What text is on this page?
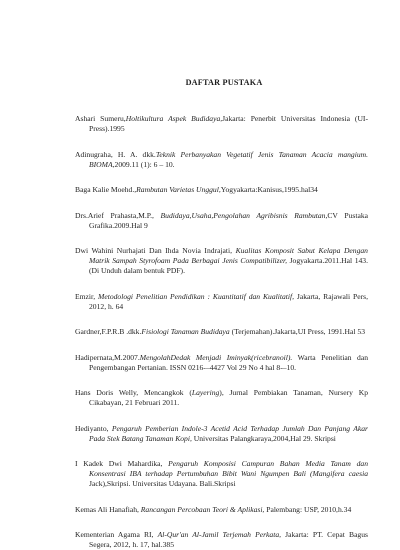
DAFTAR PUSTAKA
Ashari Sumeru,Holtikultura Aspek Budidaya,Jakarta: Penerbit Universitas Indonesia (UI-Press).1995
Adinugraha, H. A. dkk.Teknik Perbanyakan Vegetatif Jenis Tanaman Acacia mangium. BIOMA,2009.11 (1): 6 – 10.
Baga Kalie Moehd.,Rambutan Varietas Unggul,Yogyakarta:Kanisus,1995.hal34
Drs.Arief Prahasta,M.P., Budidaya,Usaha,Pengolahan Agribisnis Rambutan,CV Pustaka Grafika.2009.Hal 9
Dwi Wahini Nurhajati Dan Ihda Novia Indrajati, Kualitas Komposit Sabut Kelapa Dengan Matrik Sampah Styrofoam Pada Berbagai Jenis Compatibilizer, Jogyakarta.2011.Hal 143.(Di Unduh dalam bentuk PDF).
Emzir, Metodologi Penelitian Pendidikan : Kuantitatif dan Kualitatif, Jakarta, Rajawali Pers, 2012, h. 64
Gardner,F.P.R.B .dkk.Fisiologi Tanaman Budidaya (Terjemahan).Jakarta,UI Press, 1991.Hal 53
Hadipernata,M.2007.MengolahDedak Menjadi Iminyak(ricebranoil). Warta Penelitian dan Pengembangan Pertanian. ISSN 0216-–4427 Vol 29 No 4 hal 8-–10.
Hans Doris Welly, Mencangkok (Layering), Jurnal Pembiakan Tanaman, Nursery Kp Cikabayan, 21 Februari 2011.
Hediyanto, Pengaruh Pemberian Indole-3 Acetid Acid Terhadap Jumlah Dan Panjang Akar Pada Stek Batang Tanaman Kopi, Universitas Palangkaraya,2004,Hal 29. Skripsi
I Kadek Dwi Mahardika, Pengaruh Komposisi Campuran Bahan Media Tanam dan Konsentrasi IBA terhadap Pertumbuhan Bibit Wani Ngumpen Bali (Mangifera caesia Jack),Skripsi. Universitas Udayana. Bali.Skripsi
Kemas Ali Hanafiah, Rancangan Percobaan Teori & Aplikasi, Palembang: USP, 2010,h.34
Kementerian Agama RI, Al-Qur'an Al-Jamil Terjemah Perkata, Jakarta: PT. Cepat Bagus Segera, 2012, h. 17, hal.385
